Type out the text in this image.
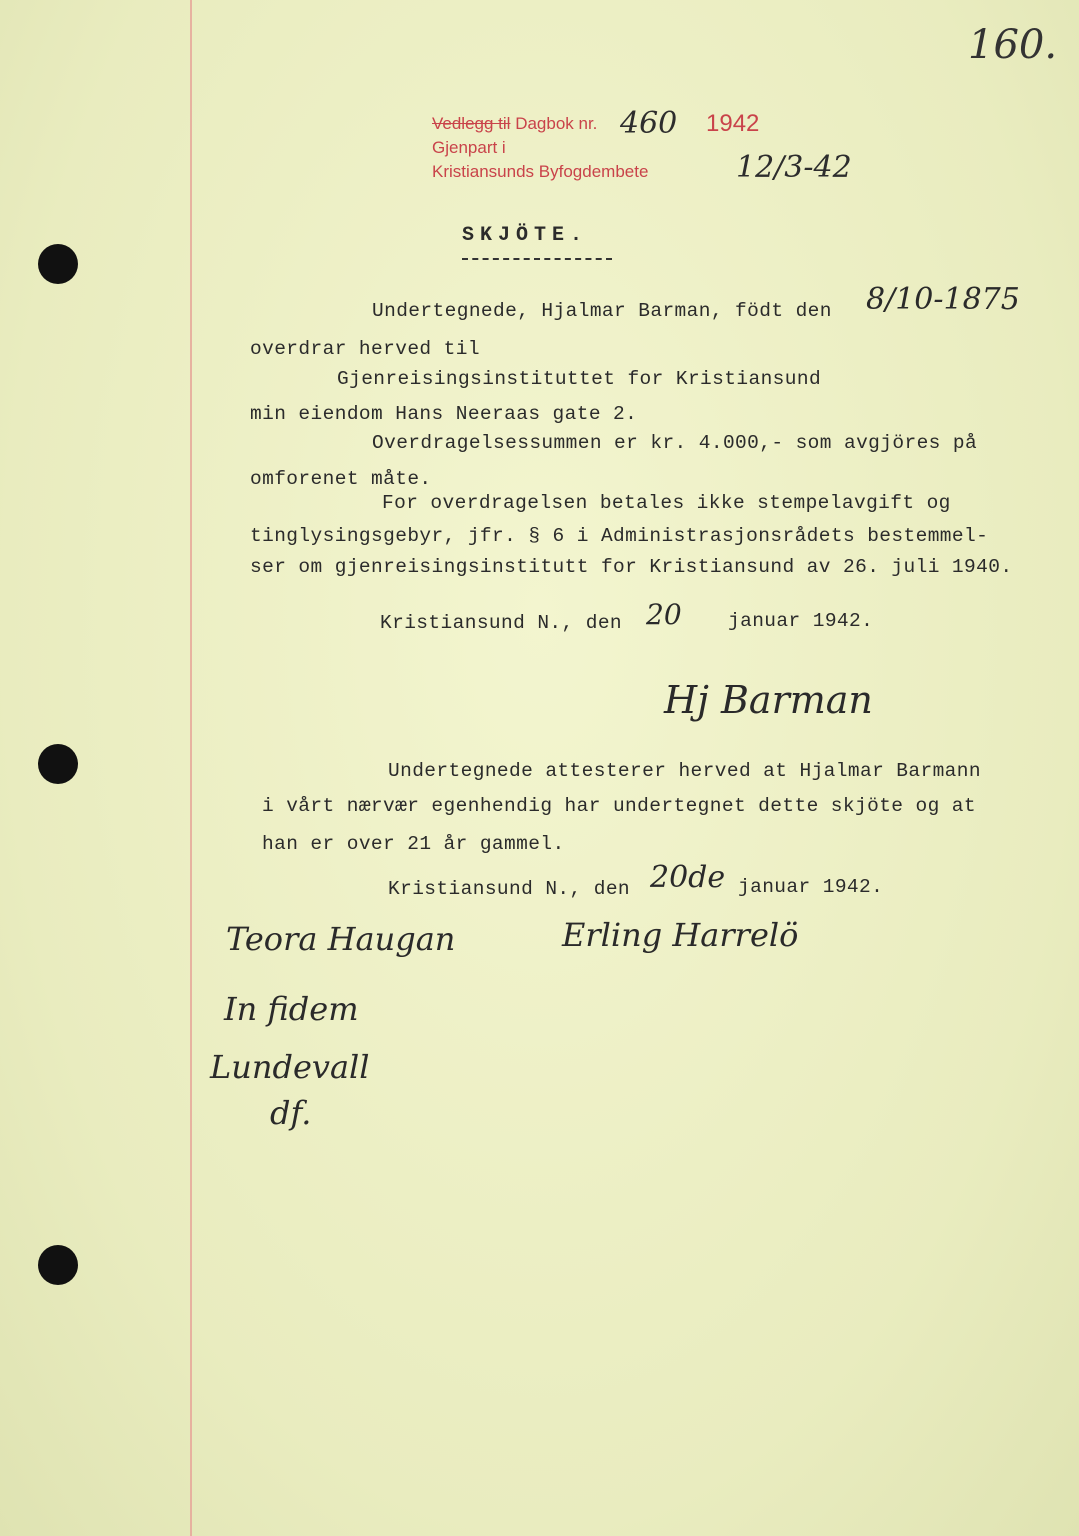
160.
Vedlegg til Dagbok nr.
Gjenpart i
Kristiansunds Byfogdembete
460 1942
12/3-42
SKJÖTE.
Undertegnede, Hjalmar Barman, födt den 8/10-1875
overdrar herved til
Gjenreisingsinstituttet for Kristiansund
min eiendom Hans Neeraas gate 2.
Overdragelsessummen er kr. 4.000,- som avgjöres på
omforenet måte.
For overdragelsen betales ikke stempelavgift og
tinglysingsgebyr, jfr. § 6 i Administrasjonsrådets bestemmel-
ser om gjenreisingsinstitutt for Kristiansund av 26. juli 1940.
Kristiansund N., den 20 januar 1942.
Hj Barman
Undertegnede attesterer herved at Hjalmar Barmann
i vårt nærvær egenhendig har undertegnet dette skjöte og at
han er over 21 år gammel.
Kristiansund N., den 20de januar 1942.
Teora Haugan	Erling Harrelö
In fidem
Lundevall
df.
